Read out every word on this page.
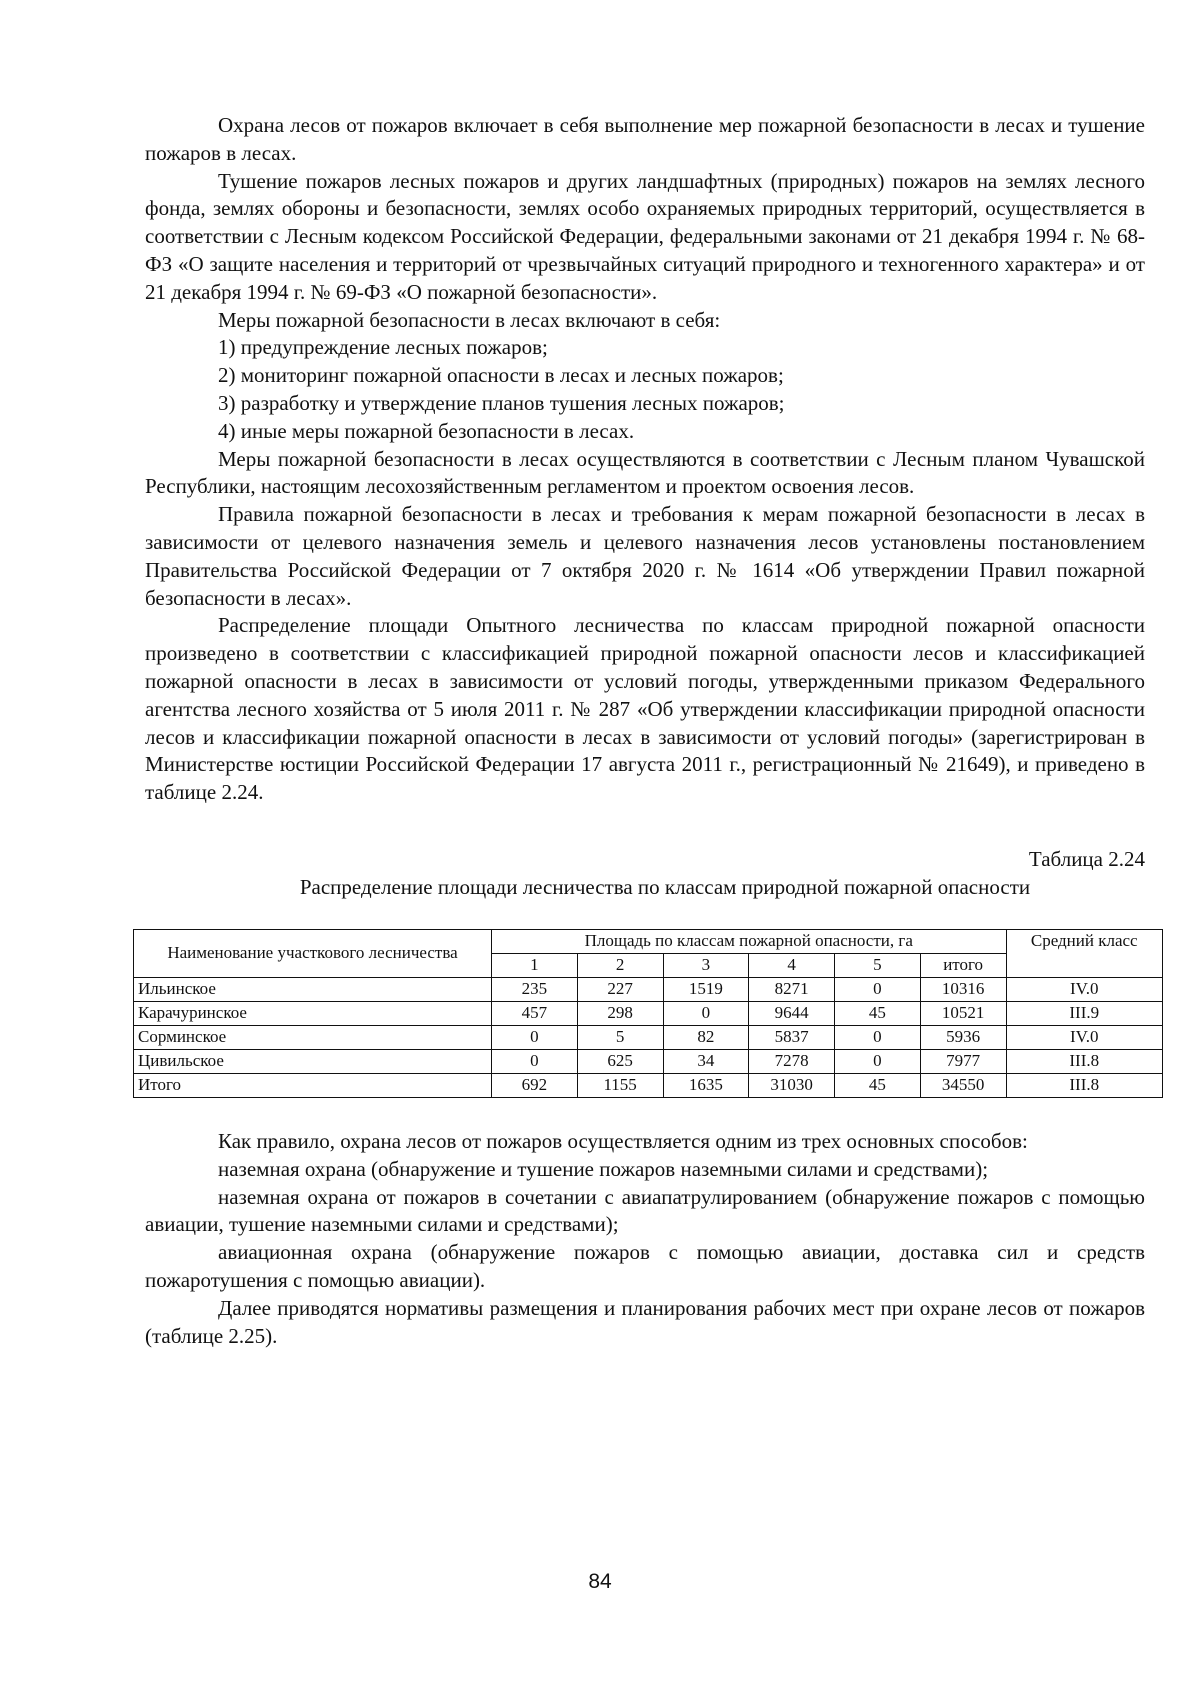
Охрана лесов от пожаров включает в себя выполнение мер пожарной безопасности в лесах и тушение пожаров в лесах.

Тушение пожаров лесных пожаров и других ландшафтных (природных) пожаров на землях лесного фонда, землях обороны и безопасности, землях особо охраняемых природных территорий, осуществляется в соответствии с Лесным кодексом Российской Федерации, федеральными законами от 21 декабря 1994 г. № 68-ФЗ «О защите населения и территорий от чрезвычайных ситуаций природного и техногенного характера» и от 21 декабря 1994 г. № 69-ФЗ «О пожарной безопасности».

Меры пожарной безопасности в лесах включают в себя:

1) предупреждение лесных пожаров;

2) мониторинг пожарной опасности в лесах и лесных пожаров;

3) разработку и утверждение планов тушения лесных пожаров;

4) иные меры пожарной безопасности в лесах.

Меры пожарной безопасности в лесах осуществляются в соответствии с Лесным планом Чувашской Республики, настоящим лесохозяйственным регламентом и проектом освоения лесов.

Правила пожарной безопасности в лесах и требования к мерам пожарной безопасности в лесах в зависимости от целевого назначения земель и целевого назначения лесов установлены постановлением Правительства Российской Федерации от 7 октября 2020 г. № 1614 «Об утверждении Правил пожарной безопасности в лесах».

Распределение площади Опытного лесничества по классам природной пожарной опасности произведено в соответствии с классификацией природной пожарной опасности лесов и классификацией пожарной опасности в лесах в зависимости от условий погоды, утвержденными приказом Федерального агентства лесного хозяйства от 5 июля 2011 г. № 287 «Об утверждении классификации природной опасности лесов и классификации пожарной опасности в лесах в зависимости от условий погоды» (зарегистрирован в Министерстве юстиции Российской Федерации 17 августа 2011 г., регистрационный № 21649), и приведено в таблице 2.24.

Таблица 2.24
Распределение площади лесничества по классам природной пожарной опасности
Наименование участкового лесничества	Площадь по классам пожарной опасности, га						Средний класс
	1	2	3	4	5	итого	
Ильинское	235	227	1519	8271	0	10316	IV.0
Карачуринское	457	298	0	9644	45	10521	III.9
Сорминское	0	5	82	5837	0	5936	IV.0
Цивильское	0	625	34	7278	0	7977	III.8
Итого	692	1155	1635	31030	45	34550	III.8

Как правило, охрана лесов от пожаров осуществляется одним из трех основных способов:

наземная охрана (обнаружение и тушение пожаров наземными силами и средствами);

наземная охрана от пожаров в сочетании с авиапатрулированием (обнаружение пожаров с помощью авиации, тушение наземными силами и средствами);

авиационная охрана (обнаружение пожаров с помощью авиации, доставка сил и средств пожаротушения с помощью авиации).

Далее приводятся нормативы размещения и планирования рабочих мест при охране лесов от пожаров (таблице 2.25).

84
